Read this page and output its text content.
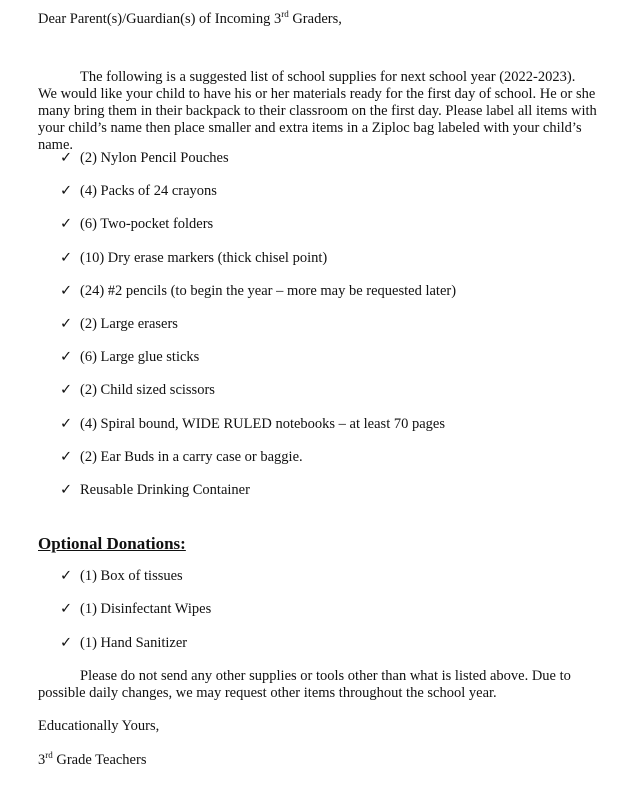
Dear Parent(s)/Guardian(s) of Incoming 3rd Graders,
The following is a suggested list of school supplies for next school year (2022-2023).
We would like your child to have his or her materials ready for the first day of school. He or she
many bring them in their backpack to their classroom on the first day. Please label all items with
your child’s name then place smaller and extra items in a Ziploc bag labeled with your child’s
name.
✓ (2) Nylon Pencil Pouches
✓ (4) Packs of 24 crayons
✓ (6) Two-pocket folders
✓ (10) Dry erase markers (thick chisel point)
✓ (24) #2 pencils (to begin the year – more may be requested later)
✓ (2) Large erasers
✓ (6) Large glue sticks
✓ (2) Child sized scissors
✓ (4) Spiral bound, WIDE RULED notebooks – at least 70 pages
✓ (2) Ear Buds in a carry case or baggie.
✓ Reusable Drinking Container
Optional Donations:
✓ (1) Box of tissues
✓ (1) Disinfectant Wipes
✓ (1) Hand Sanitizer
Please do not send any other supplies or tools other than what is listed above. Due to
possible daily changes, we may request other items throughout the school year.
Educationally Yours,
3rd Grade Teachers
